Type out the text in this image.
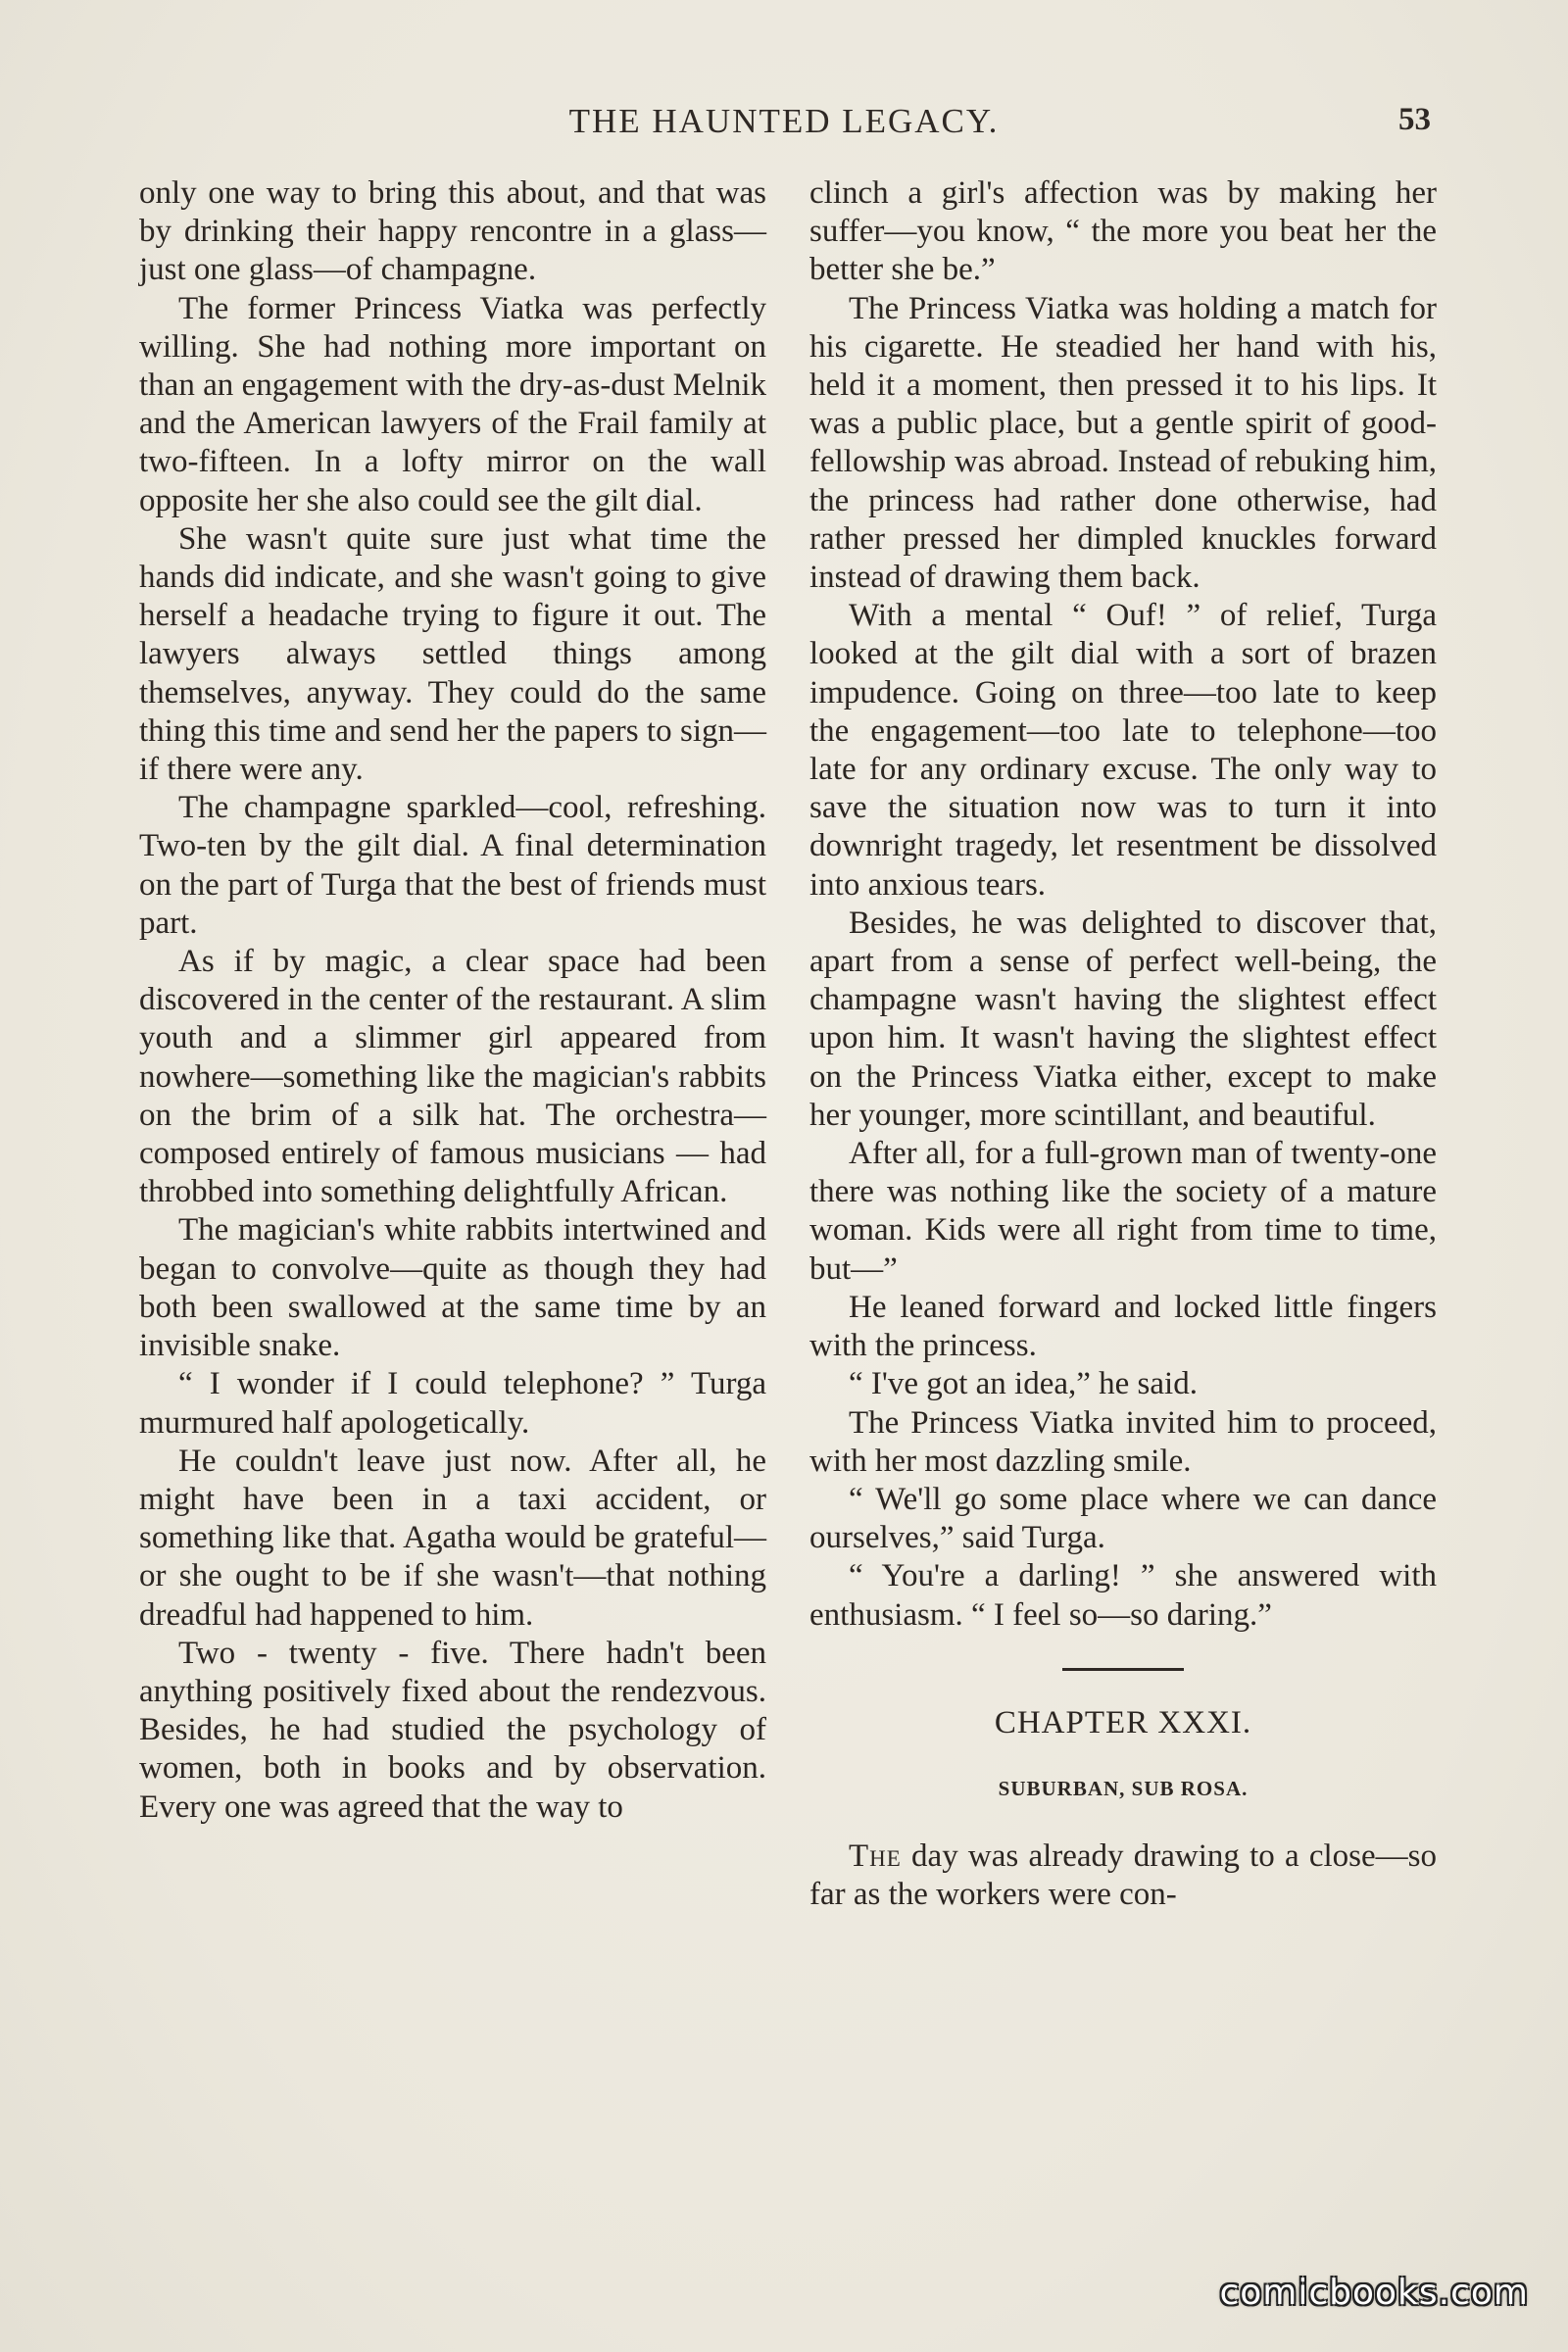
THE HAUNTED LEGACY.	53

only one way to bring this about, and that was by drinking their happy rencontre in a glass—just one glass—of champagne.

The former Princess Viatka was perfectly willing. She had nothing more important on than an engagement with the dry-as-dust Melnik and the American lawyers of the Frail family at two-fifteen. In a lofty mirror on the wall opposite her she also could see the gilt dial.

She wasn't quite sure just what time the hands did indicate, and she wasn't going to give herself a headache trying to figure it out. The lawyers always settled things among themselves, anyway. They could do the same thing this time and send her the papers to sign—if there were any.

The champagne sparkled—cool, refreshing. Two-ten by the gilt dial. A final determination on the part of Turga that the best of friends must part.

As if by magic, a clear space had been discovered in the center of the restaurant. A slim youth and a slimmer girl appeared from nowhere—something like the magician's rabbits on the brim of a silk hat. The orchestra—composed entirely of famous musicians — had throbbed into something delightfully African.

The magician's white rabbits intertwined and began to convolve—quite as though they had both been swallowed at the same time by an invisible snake.

“ I wonder if I could telephone? ” Turga murmured half apologetically.

He couldn't leave just now. After all, he might have been in a taxi accident, or something like that. Agatha would be grateful—or she ought to be if she wasn't—that nothing dreadful had happened to him.

Two - twenty - five. There hadn't been anything positively fixed about the rendezvous. Besides, he had studied the psychology of women, both in books and by observation. Every one was agreed that the way to

clinch a girl's affection was by making her suffer—you know, “ the more you beat her the better she be.”

The Princess Viatka was holding a match for his cigarette. He steadied her hand with his, held it a moment, then pressed it to his lips. It was a public place, but a gentle spirit of good-fellowship was abroad. Instead of rebuking him, the princess had rather done otherwise, had rather pressed her dimpled knuckles forward instead of drawing them back.

With a mental “ Ouf! ” of relief, Turga looked at the gilt dial with a sort of brazen impudence. Going on three—too late to keep the engagement—too late to telephone—too late for any ordinary excuse. The only way to save the situation now was to turn it into downright tragedy, let resentment be dissolved into anxious tears.

Besides, he was delighted to discover that, apart from a sense of perfect well-being, the champagne wasn't having the slightest effect upon him. It wasn't having the slightest effect on the Princess Viatka either, except to make her younger, more scintillant, and beautiful.

After all, for a full-grown man of twenty-one there was nothing like the society of a mature woman. Kids were all right from time to time, but—”

He leaned forward and locked little fingers with the princess.

“ I've got an idea,” he said.

The Princess Viatka invited him to proceed, with her most dazzling smile.

“ We'll go some place where we can dance ourselves,” said Turga.

“ You're a darling! ” she answered with enthusiasm. “ I feel so—so daring.”

CHAPTER XXXI.
SUBURBAN, SUB ROSA.

The day was already drawing to a close—so far as the workers were con-

comicbooks.com
